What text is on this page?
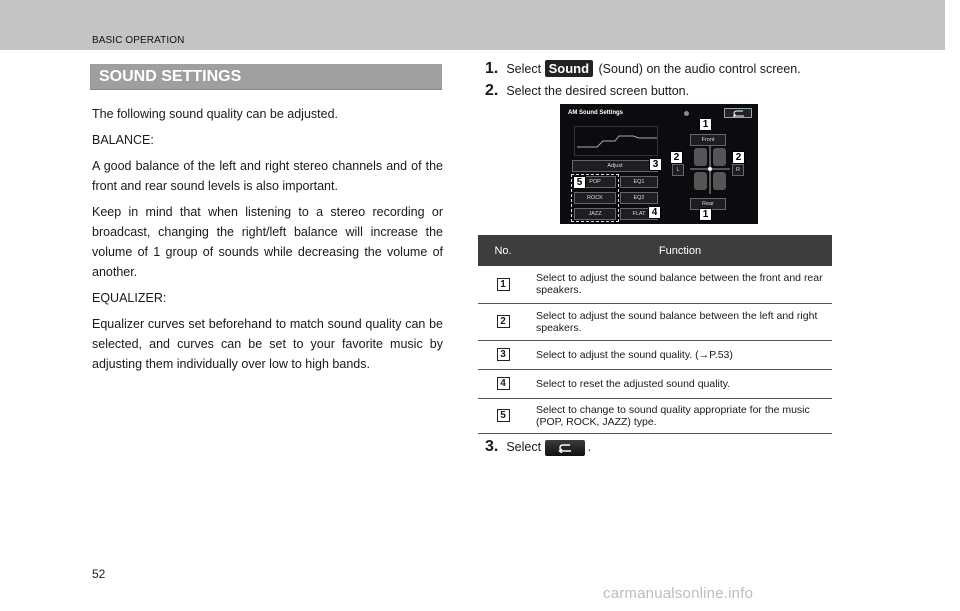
BASIC OPERATION
SOUND SETTINGS

The following sound quality can be adjusted.

BALANCE:

A good balance of the left and right stereo channels and of the front and rear sound levels is also important.

Keep in mind that when listening to a stereo recording or broadcast, changing the right/left balance will increase the volume of 1 group of sounds while decreasing the volume of another.

EQUALIZER:

Equalizer curves set beforehand to match sound quality can be selected, and curves can be set to your favorite music by adjusting them individually over low to high bands.

1. Select Sound (Sound) on the audio control screen.
2. Select the desired screen button.
AM Sound Settings
Adjust
POP
ROCK
JAZZ
EQ1
EQ2
FLAT
Front
Rear
L	R
1
2	2
3
5
4	1
No.	Function
1	Select to adjust the sound balance between the front and rear speakers.
2	Select to adjust the sound balance between the left and right speakers.
3	Select to adjust the sound quality. (→P.53)
4	Select to reset the adjusted sound quality.
5	Select to change to sound quality appropriate for the music (POP, ROCK, JAZZ) type.
3. Select	.
52
carmanualsonline.info
